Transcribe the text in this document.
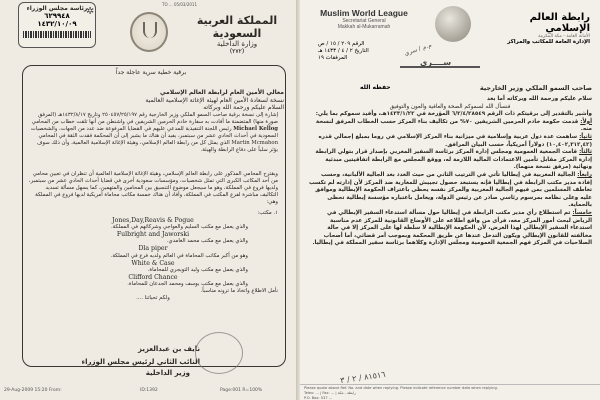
رئاسة مجلس الوزراء
٦٢٩٩٤٨
١٤٣٢/١٠/٠٩
✲
TO ... 05/03/2011
المملكة العربية السعودية
وزارة الداخلية
(٢٧٢)
برقية خطية سرية عاجلة جداً
معالي الأمين العام لرابطة العالم الإسلامي
نسخة لسعادة الأمين العام لهيئة الإغاثة الإسلامية العالمية
السلام عليكم ورحمة الله وبركاته
إشارة إلى نسخة برقية صاحب السمو الملكي وزير الخارجية رقم ٢٥٠٤٥٧/٢٥/١٩٧ وتاريخ ١٤٣٢/٨/١٧هـ (المرفق صورة منها) المتضمنة ما أفادت به سفارة خادم الحرمين الشريفين في واشنطن من أنها تلقت خطاب من المحامي Michael Kellog رئيس اللجنة التنفيذية للمدعي عليهم في القضايا المرفوعة ضد عدد من الجهات، والشخصيات السعودية في أحداث الحادي عشر من سبتمبر، يفيد أن هناك ما يشير إلى أن المحكمة فقدت الثقة في المحامي Martin Mcmahon الذي يمثل كل من رابطة العالم الإسلامي، وهيئة الإغاثة الإسلامية العالمية، وأن ذلك سوف يؤثر سلباً على دفاع الرابطة والهيئة.
ويقترح المحامي المذكور على رابطة العالم الإسلامي، وهيئة الإغاثة الإسلامية العالمية أن تنظران في تعيين محامي من أحد المكاتب الكبرى التي تمثل شخصيات، ومؤسسات سعودية أخرى في قضايا أحداث الحادي عشر من سبتمبر، ولديها فروع في المملكة، وهو ما سيجعل موضوع التنسيق بين المحامين والمتهمين، كما يسهل مسألة تسديد التكاليف مباشرة لفرع المكتب في المملكة، وأفاد أن هناك خمسة مكاتب محاماة أمريكية لديها فروع في المملكة وهي:
١. مكتب:
Jones,Day,Reavis & Pogue
والذي يعمل مع مكتب السليم والعواجي وشركائهم في المملكة.
Fulbright and Jaworski
والذي يعمل مع مكتب محمد الغامدي.
Dla piper
وهو من أكبر مكاتب المحاماة في العالم ولديه فرع في المملكة.
White & Case
والذي يعمل مع مكتب وليد التويجري للمحاماة.
Clifford Chance
والذي يعمل مع مكتب يوسف ومحمد الجدعان للمحاماة.
نأمل الاطلاع واتخاذ ما ترونه مناسباً.
ولكم تحياتنا ....
نايف بن عبدالعزيز
النائب الثاني لرئيس مجلس الوزراء
وزير الداخلية
29-Aug-2009 15:20 From:	ID:1392	Page:001 R=100%
Muslim World League
Secretariat General
Makkah al-Mukarramah
الرقم ٢٠٩ / ١٥ / ص
التاريخ ٢ / ٤ / ١٤٣٣ هـ
المرفقات ١٩
رابطة العالم الإسلامي
الأمانة العامة - مكة المكرمة
الإدارة العامة للمكاتب والمراكز
م.م / سري
ســــري
حفظه الله	صاحب السمو الملكي وزير الخارجية
سلام عليكم ورحمة الله وبركاته أما بعد
فنسأل الله لسموكم الصحة والعافية والعون والتوفيق
وأشير بالتقدير إلى برقيتكم ذات الرقم ٦/٢/٤/٢٨٥٤٩ المؤرخة في ١٤٣٣/١/٢٢هـ، وأفيد سموكم بما يلي:
أولاً: قدمت حكومة خادم الحرمين الشريفين ٧٠% من تكاليف بناء المركز حسب الخطاب المرفق لنسخة منه.
ثانياً: ساهمت عدة دول عربية وإسلامية في ميزانية بناء المركز الإسلامي في روما بمبلغ إجمالي قدره (١٠,٤٠٢,٣١٢,٤٢) دولاراً أمريكياً، حسب البيان المرافق.
ثالثاً: قامت الجمعية العمومية ومجلس إدارة المركز برئاسة السفير المغربي بإصدار قرار بتولي الرابطة إدارة المركز مقابل تأمين الاعتمادات المالية اللازمة له، ووقع المجلس مع الرابطة اتفاقيتين مبدئية ونهائية (مرفق نسخة منهما).
رابعاً: الجالية المغربية في إيطاليا تأتي في الترتيب الثاني من حيث العدد بعد الجالية الألبانية، وحسب إفادة مدير مكتب الرابطة في إيطاليا فإنه يستبعد حصول تجييش للمغاربة ضد المركز لأن إدارته لم تكسب تعاطف المسلمين بمن فيهم الجالية المغربية والمركز نفسه يحظى باعتراف الحكومة الإيطالية وموافق عليه وعلى نظامه بمرسوم رئاسي صادر عن رئيس الدولة، ويعامل باعتباره مؤسسة إيطالية تحظى بالحماية.
خامساً: تم استطلاع رأي مدير مكتب الرابطة في إيطاليا حول مسألة استدعاء السفير الإيطالي في الرياض لبحث أمور المركز معه، فرأى من واقع اطلاعه على الأوضاع القانونية للمركز عدم مناسبة استدعاء السفير الإيطالي لهذا الغرض، لأن الحكومة الإيطالية لا سلطة لها على المركز إلا في حالة مخالفته للقانون الإيطالي ويكون التدخل عندها عن طريق المحكمة وبموجب أمر قضائي، أما أصحاب الصلاحيات في المركز فهم الجمعية العمومية ومجلس الإدارة وكلاهما برئاسة سفير المملكة في إيطاليا.
٨١٥١٦ / ٢ / ٣
Please quote above Ref. No. and date when replying. Please indicate reference number date when replying.
Telex: ... | Fax: ... | رابطة - مكة
P.O. Box: 537 ...
